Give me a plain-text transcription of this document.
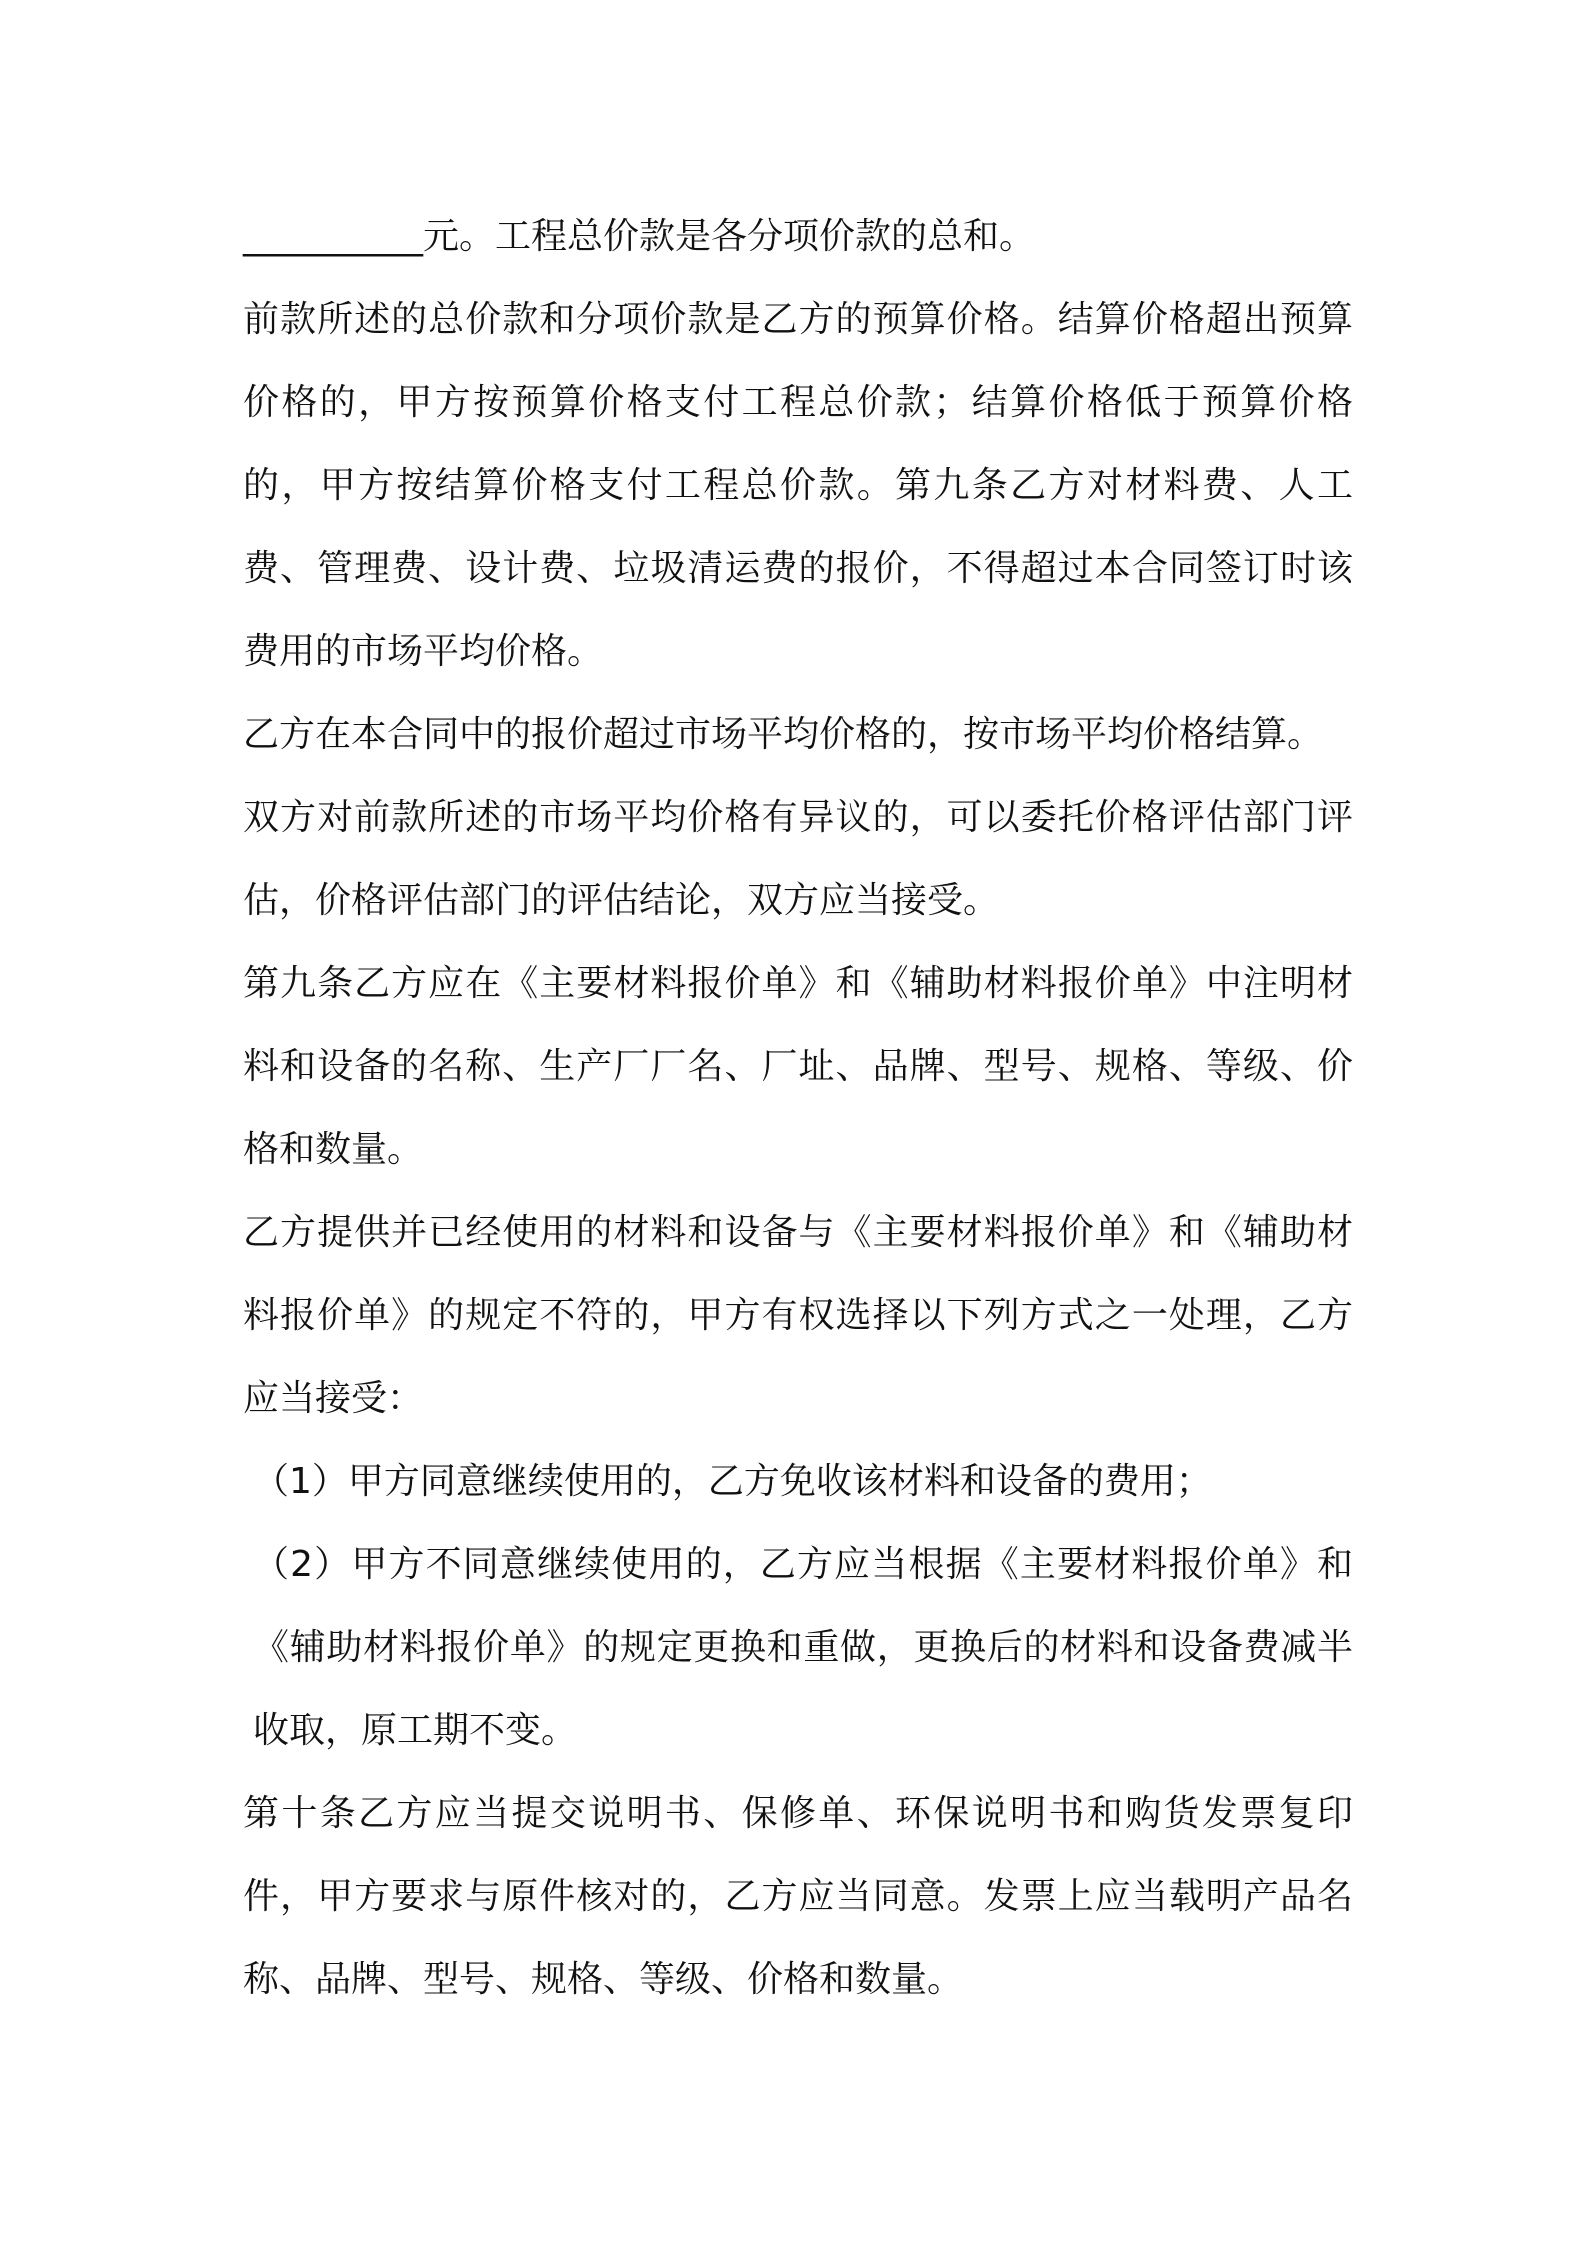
__________元。工程总价款是各分项价款的总和。

前款所述的总价款和分项价款是乙方的预算价格。结算价格超出预算价格的，甲方按预算价格支付工程总价款；结算价格低于预算价格的，甲方按结算价格支付工程总价款。第九条乙方对材料费、人工费、管理费、设计费、垃圾清运费的报价，不得超过本合同签订时该费用的市场平均价格。

乙方在本合同中的报价超过市场平均价格的，按市场平均价格结算。

双方对前款所述的市场平均价格有异议的，可以委托价格评估部门评估，价格评估部门的评估结论，双方应当接受。

第九条乙方应在《主要材料报价单》和《辅助材料报价单》中注明材料和设备的名称、生产厂厂名、厂址、品牌、型号、规格、等级、价格和数量。

乙方提供并已经使用的材料和设备与《主要材料报价单》和《辅助材料报价单》的规定不符的，甲方有权选择以下列方式之一处理，乙方应当接受：

（1）甲方同意继续使用的，乙方免收该材料和设备的费用；

（2）甲方不同意继续使用的，乙方应当根据《主要材料报价单》和《辅助材料报价单》的规定更换和重做，更换后的材料和设备费减半收取，原工期不变。

第十条乙方应当提交说明书、保修单、环保说明书和购货发票复印件，甲方要求与原件核对的，乙方应当同意。发票上应当载明产品名称、品牌、型号、规格、等级、价格和数量。
